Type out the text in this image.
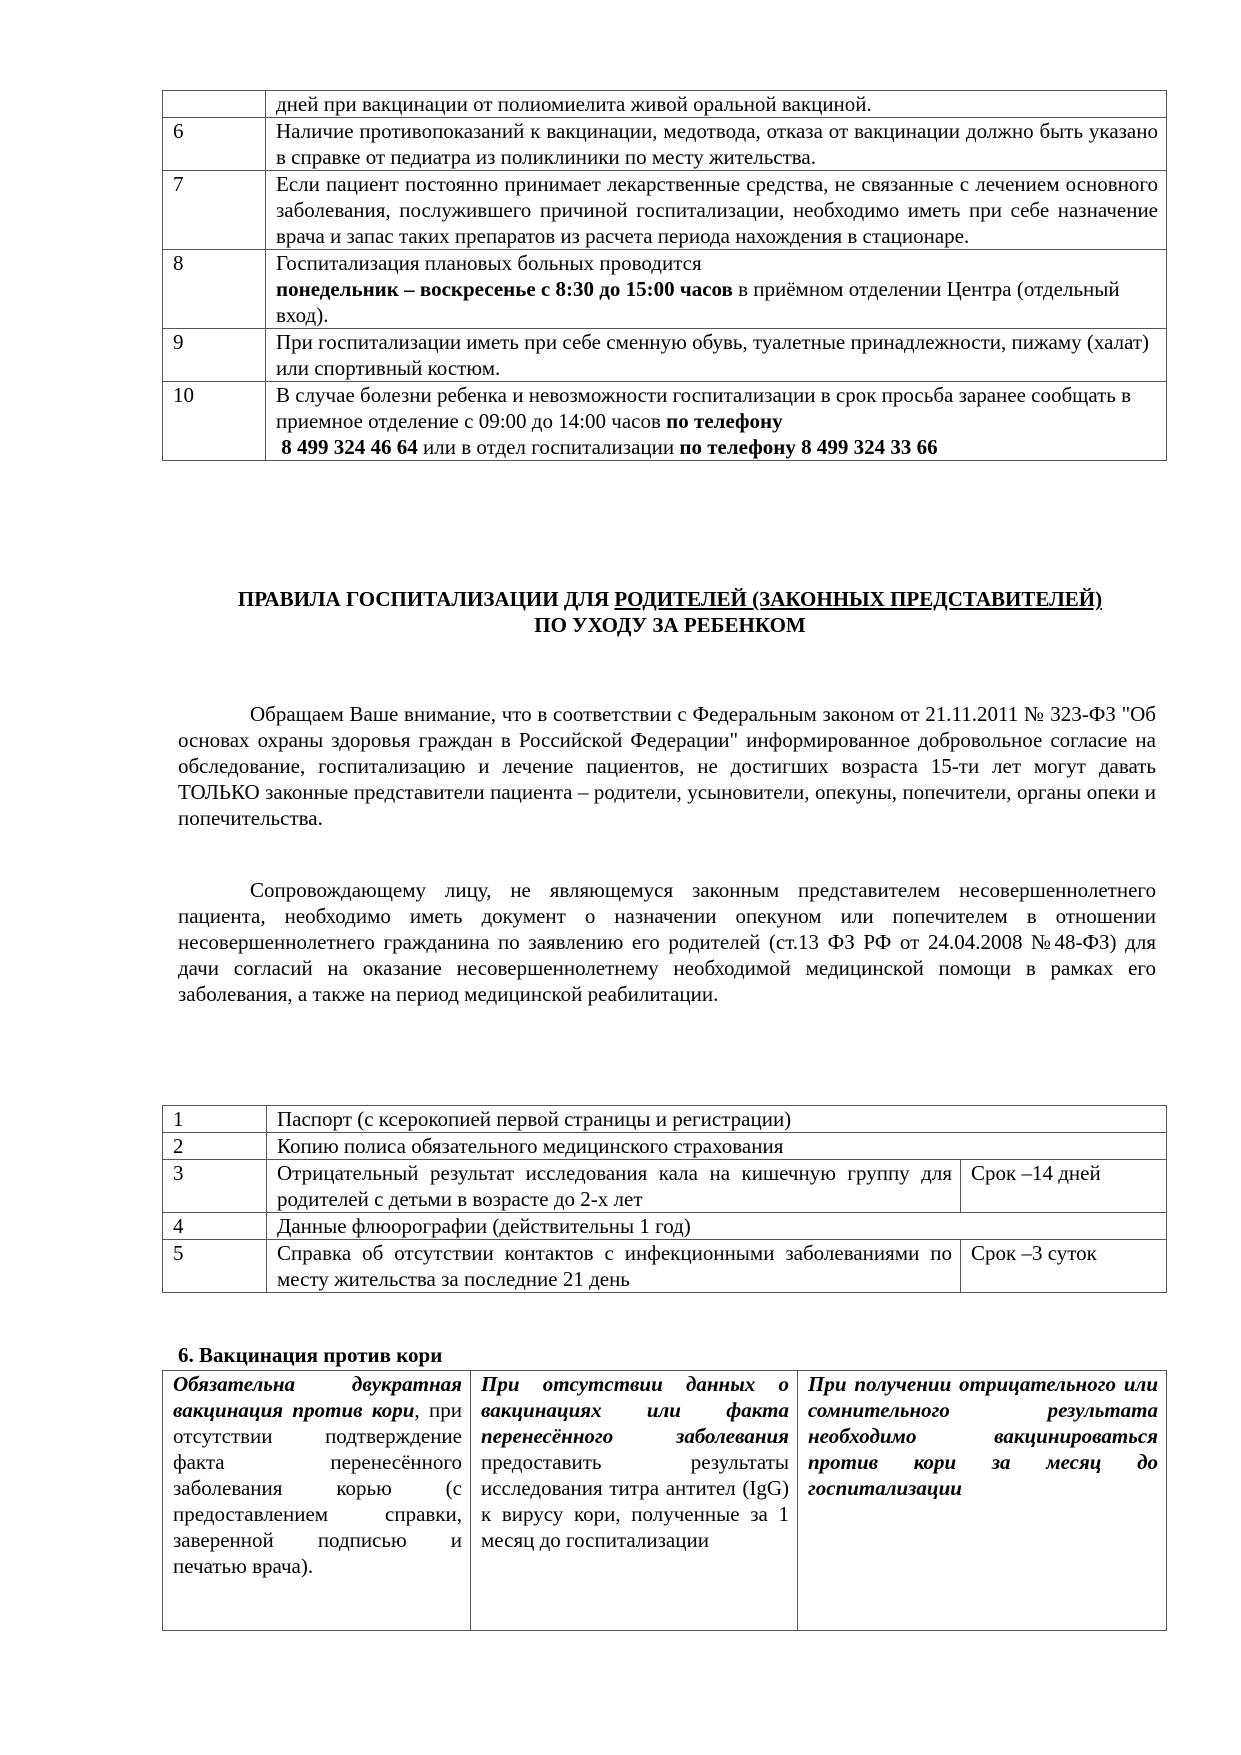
	дней при вакцинации от полиомиелита живой оральной вакциной.
6	Наличие противопоказаний к вакцинации, медотвода, отказа от вакцинации должно быть указано в справке от педиатра из поликлиники по месту жительства.
7	Если пациент постоянно принимает лекарственные средства, не связанные с лечением основного заболевания, послужившего причиной госпитализации, необходимо иметь при себе назначение врача и запас таких препаратов из расчета периода нахождения в стационаре.
8	Госпитализация плановых больных проводится
понедельник – воскресенье с 8:30 до 15:00 часов в приёмном отделении Центра (отдельный вход).
9	При госпитализации иметь при себе сменную обувь, туалетные принадлежности, пижаму (халат) или спортивный костюм.
10	В случае болезни ребенка и невозможности госпитализации в срок просьба заранее сообщать в приемное отделение с 09:00 до 14:00 часов по телефону
8 499 324 46 64 или в отдел госпитализации по телефону 8 499 324 33 66
ПРАВИЛА ГОСПИТАЛИЗАЦИИ ДЛЯ РОДИТЕЛЕЙ (ЗАКОННЫХ ПРЕДСТАВИТЕЛЕЙ)
ПО УХОДУ ЗА РЕБЕНКОМ

Обращаем Ваше внимание, что в соответствии с Федеральным законом от 21.11.2011 № 323-ФЗ "Об основах охраны здоровья граждан в Российской Федерации" информированное добровольное согласие на обследование, госпитализацию и лечение пациентов, не достигших возраста 15-ти лет могут давать ТОЛЬКО законные представители пациента – родители, усыновители, опекуны, попечители, органы опеки и попечительства.

Сопровождающему лицу, не являющемуся законным представителем несовершеннолетнего пациента, необходимо иметь документ о назначении опекуном или попечителем в отношении несовершеннолетнего гражданина по заявлению его родителей (ст.13 ФЗ РФ от 24.04.2008 №48-ФЗ) для дачи согласий на оказание несовершеннолетнему необходимой медицинской помощи в рамках его заболевания, а также на период медицинской реабилитации.

1	Паспорт (с ксерокопией первой страницы и регистрации)	
2	Копию полиса обязательного медицинского страхования	
3	Отрицательный результат исследования кала на кишечную группу для родителей с детьми в возрасте до 2-х лет	Срок –14 дней
4	Данные флюорографии (действительны 1 год)	
5	Справка об отсутствии контактов с инфекционными заболеваниями по месту жительства за последние 21 день	Срок –3 суток
6. Вакцинация против кори
Обязательна двукратная вакцинация против кори, при отсутствии подтверждение факта перенесённого заболевания корью (с предоставлением справки, заверенной подписью и печатью врача).	При отсутствии данных о вакцинациях или факта перенесённого заболевания предоставить результаты исследования титра антител (IgG) к вирусу кори, полученные за 1 месяц до госпитализации	При получении отрицательного или сомнительного результата необходимо вакцинироваться против кори за месяц до госпитализации
